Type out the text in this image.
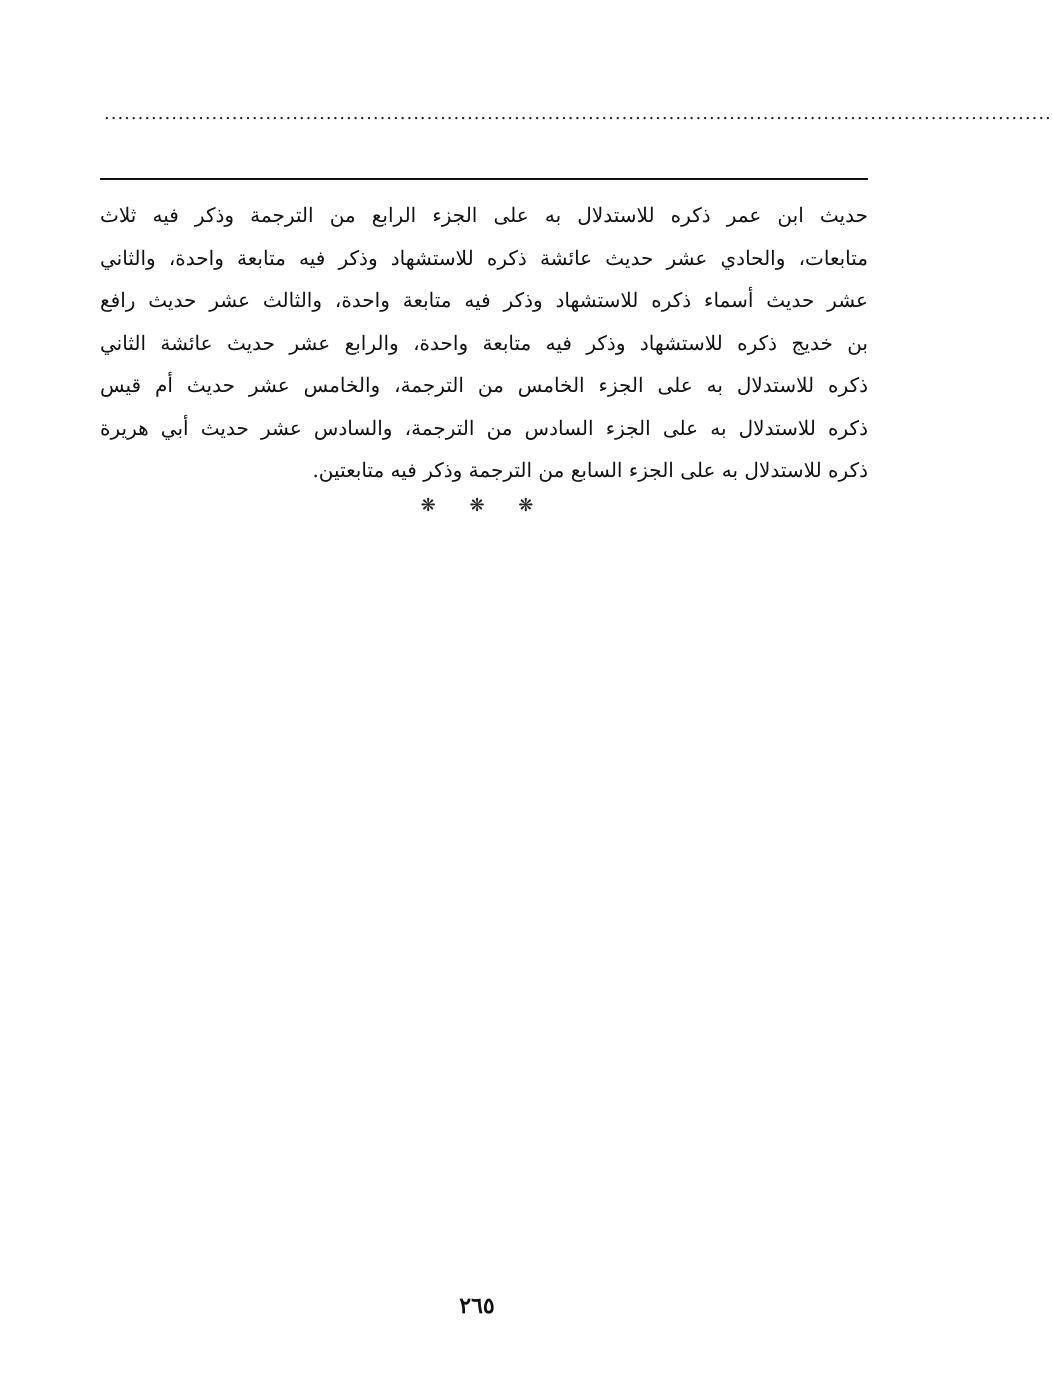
.............................................................................................................................................
حديث ابن عمر ذكره للاستدلال به على الجزء الرابع من الترجمة وذكر فيه ثلاث
متابعات، والحادي عشر حديث عائشة ذكره للاستشهاد وذكر فيه متابعة واحدة، والثاني
عشر حديث أسماء ذكره للاستشهاد وذكر فيه متابعة واحدة، والثالث عشر حديث رافع
بن خديج ذكره للاستشهاد وذكر فيه متابعة واحدة، والرابع عشر حديث عائشة الثاني
ذكره للاستدلال به على الجزء الخامس من الترجمة، والخامس عشر حديث أم قيس
ذكره للاستدلال به على الجزء السادس من الترجمة، والسادس عشر حديث أبي هريرة
ذكره للاستدلال به على الجزء السابع من الترجمة وذكر فيه متابعتين.
❋ ❋ ❋
٢٦٥
